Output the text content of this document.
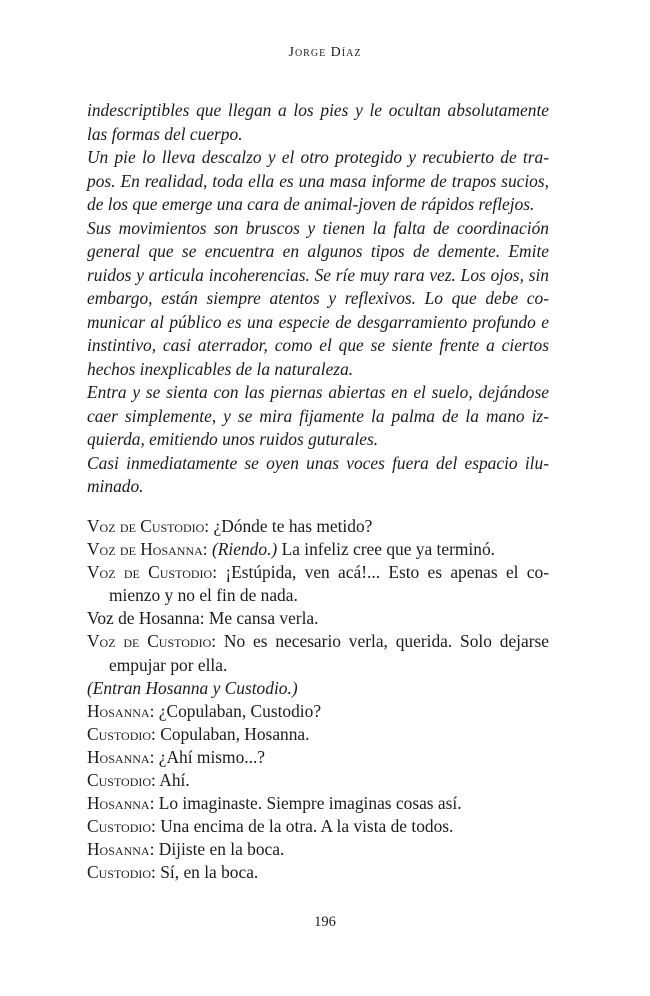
Jorge Díaz

indescriptibles que llegan a los pies y le ocultan absolutamente las formas del cuerpo.

Un pie lo lleva descalzo y el otro protegido y recubierto de trapos. En realidad, toda ella es una masa informe de trapos sucios, de los que emerge una cara de animal-joven de rápidos reflejos.

Sus movimientos son bruscos y tienen la falta de coordinación general que se encuentra en algunos tipos de demente. Emite ruidos y articula incoherencias. Se ríe muy rara vez. Los ojos, sin embargo, están siempre atentos y reflexivos. Lo que debe comunicar al público es una especie de desgarramiento profundo e instintivo, casi aterrador, como el que se siente frente a ciertos hechos inexplicables de la naturaleza.

Entra y se sienta con las piernas abiertas en el suelo, dejándose caer simplemente, y se mira fijamente la palma de la mano izquierda, emitiendo unos ruidos guturales.

Casi inmediatamente se oyen unas voces fuera del espacio iluminado.

Voz de Custodio: ¿Dónde te has metido?

Voz de Hosanna: (Riendo.) La infeliz cree que ya terminó.

Voz de Custodio: ¡Estúpida, ven acá!... Esto es apenas el comienzo y no el fin de nada.

Voz de Hosanna: Me cansa verla.

Voz de Custodio: No es necesario verla, querida. Solo dejarse empujar por ella.

(Entran Hosanna y Custodio.)

Hosanna: ¿Copulaban, Custodio?

Custodio: Copulaban, Hosanna.

Hosanna: ¿Ahí mismo...?

Custodio: Ahí.

Hosanna: Lo imaginaste. Siempre imaginas cosas así.

Custodio: Una encima de la otra. A la vista de todos.

Hosanna: Dijiste en la boca.

Custodio: Sí, en la boca.

196
